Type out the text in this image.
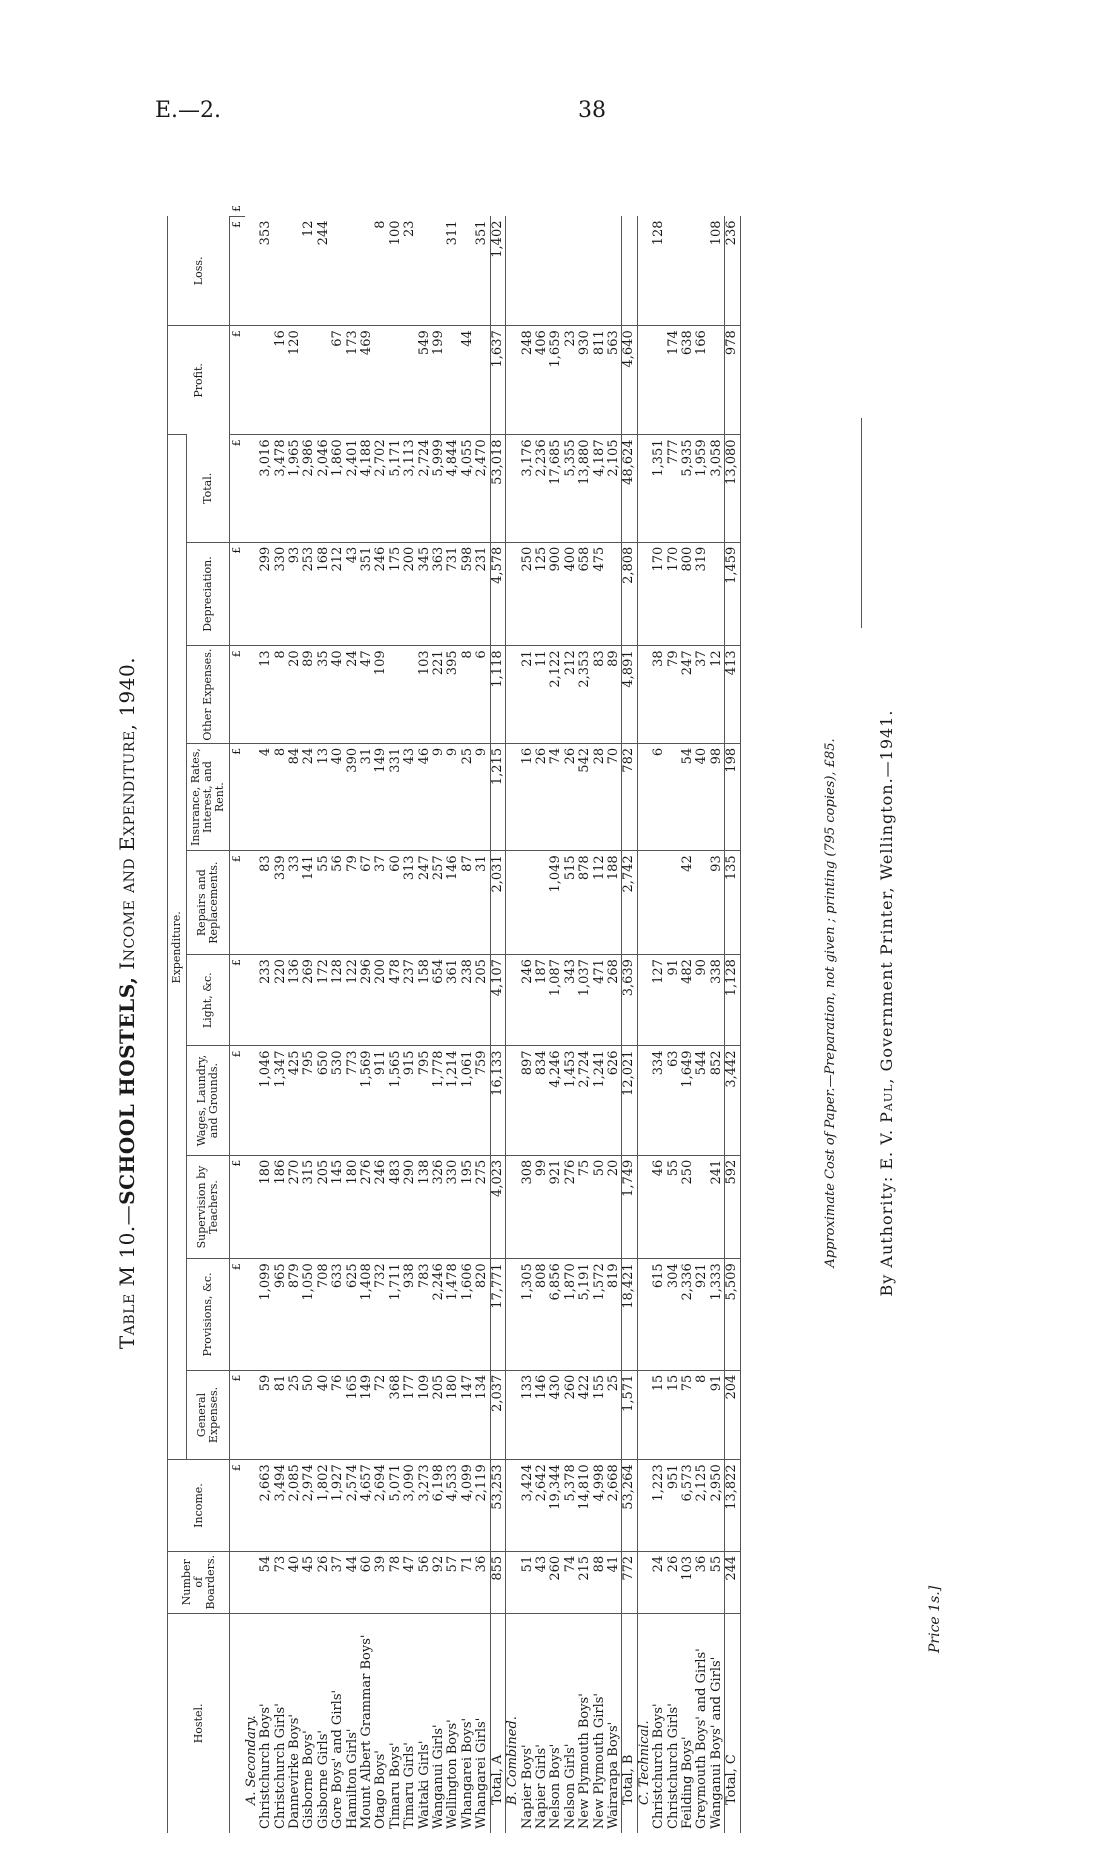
E.—2.	38
Table M 10.—SCHOOL HOSTELS, Income and Expenditure, 1940.
Hostel.	Number of Boarders.	Income.	Expenditure.										Profit.	Loss.	
			General Expenses.	Provisions, &c.	Supervision by Teachers.	Wages, Laundry, and Grounds.	Light, &c.	Repairs and Replacements.	Insurance, Rates, Interest, and Rent.	Other Expenses.	Depreciation.	Total.			
		£	£	£	£	£	£	£	£	£	£	£	£	£	£
A. Secondary.															
Christchurch Boys'	54	2,663	59	1,099	180	1,046	233	83	4	13	299	3,016		353	
Christchurch Girls'	73	3,494	81	965	186	1,347	220	339	8	8	330	3,478	16		
Dannevirke Boys'	40	2,085	25	879	270	425	136	33	84	20	93	1,965	120		
Gisborne Boys'	45	2,974	50	1,050	315	795	269	141	24	89	253	2,986		12	
Gisborne Girls'	26	1,802	40	708	205	650	172	55	13	35	168	2,046		244	
Gore Boys' and Girls'	37	1,927	76	633	145	530	128	56	40	40	212	1,860	67		
Hamilton Girls'	44	2,574	165	625	180	773	122	79	390	24	43	2,401	173		
Mount Albert Grammar Boys'	60	4,657	149	1,408	276	1,569	296	67	31	47	351	4,188	469		
Otago Boys'	39	2,694	72	732	246	911	200	37	149	109	246	2,702		8	
Timaru Boys'	78	5,071	368	1,711	483	1,565	478	60	331		175	5,171		100	
Timaru Girls'	47	3,090	177	938	290	915	237	313	43		200	3,113		23	
Waitaki Girls'	56	3,273	109	783	138	795	158	247	46	103	345	2,724	549		
Wanganui Girls'	92	6,198	205	2,246	326	1,778	654	257	9	221	363	5,999	199		
Wellington Boys'	57	4,533	180	1,478	330	1,214	361	146	9	395	731	4,844		311	
Whangarei Boys'	71	4,099	147	1,606	195	1,061	238	87	25	8	598	4,055	44		
Whangarei Girls'	36	2,119	134	820	275	759	205	31	9	6	231	2,470		351	
Total, A	855	53,253	2,037	17,771	4,023	16,133	4,107	2,031	1,215	1,118	4,578	53,018	1,637	1,402	
B. Combined.															
Napier Boys'	51	3,424	133	1,305	308	897	246		16	21	250	3,176	248		
Napier Girls'	43	2,642	146	808	99	834	187		26	11	125	2,236	406		
Nelson Boys'	260	19,344	430	6,856	921	4,246	1,087	1,049	74	2,122	900	17,685	1,659		
Nelson Girls'	74	5,378	260	1,870	276	1,453	343	515	26	212	400	5,355	23		
New Plymouth Boys'	215	14,810	422	5,191	75	2,724	1,037	878	542	2,353	658	13,880	930		
New Plymouth Girls'	88	4,998	155	1,572	50	1,241	471	112	28	83	475	4,187	811		
Wairarapa Boys'	41	2,668	25	819	20	626	268	188	70	89		2,105	563		
Total, B	772	53,264	1,571	18,421	1,749	12,021	3,639	2,742	782	4,891	2,808	48,624	4,640		
C. Technical.															
Christchurch Boys'	24	1,223	15	615	46	334	127		6	38	170	1,351		128	
Christchurch Girls'	26	951	15	304	55	63	91			79	170	777	174		
Feilding Boys'	103	6,573	75	2,336	250	1,649	482	42	54	247	800	5,935	638		
Greymouth Boys' and Girls'	36	2,125	8	921		544	90		40	37	319	1,959	166		
Wanganui Boys' and Girls'	55	2,950	91	1,333	241	852	338	93	98	12		3,058		108	
Total, C	244	13,822	204	5,509	592	3,442	1,128	135	198	413	1,459	13,080	978	236	
Approximate Cost of Paper.—Preparation, not given ; printing (795 copies), £85. By Authority: E. V. Paul, Government Printer, Wellington.—1941.
Price 1s.]
